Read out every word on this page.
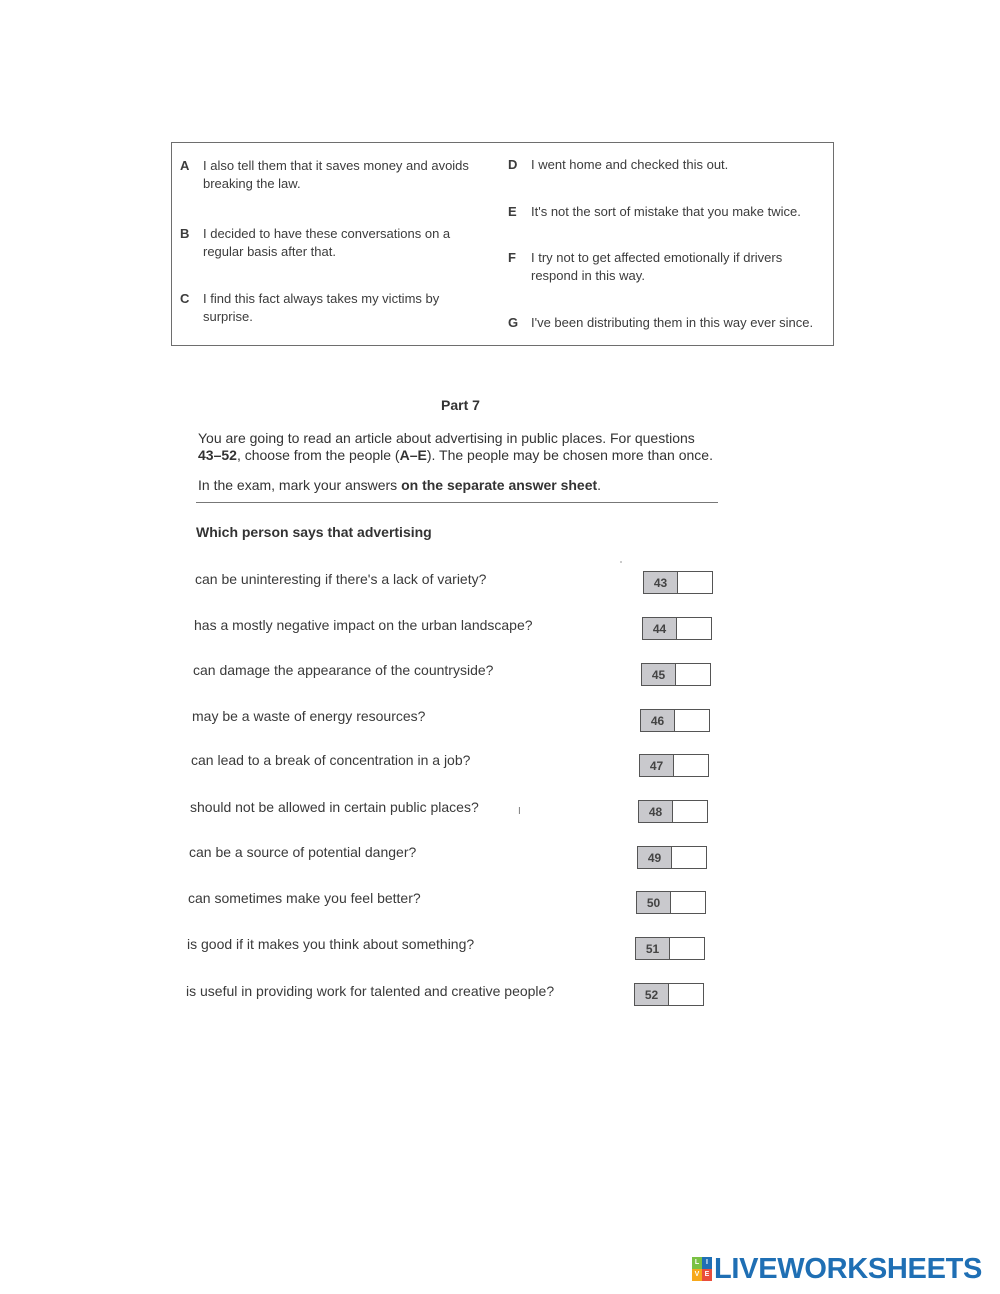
A I also tell them that it saves money and avoids breaking the law.
B I decided to have these conversations on a regular basis after that.
C I find this fact always takes my victims by surprise.
D I went home and checked this out.
E It's not the sort of mistake that you make twice.
F I try not to get affected emotionally if drivers respond in this way.
G I've been distributing them in this way ever since.
Part 7
You are going to read an article about advertising in public places. For questions 43–52, choose from the people (A–E). The people may be chosen more than once.
In the exam, mark your answers on the separate answer sheet.
Which person says that advertising
can be uninteresting if there's a lack of variety?	43
has a mostly negative impact on the urban landscape?	44
can damage the appearance of the countryside?	45
may be a waste of energy resources?	46
can lead to a break of concentration in a job?	47
should not be allowed in certain public places?	I	48
can be a source of potential danger?	49
can sometimes make you feel better?	50
is good if it makes you think about something?	51
is useful in providing work for talented and creative people?	52
L I
V E LIVEWORKSHEETS
